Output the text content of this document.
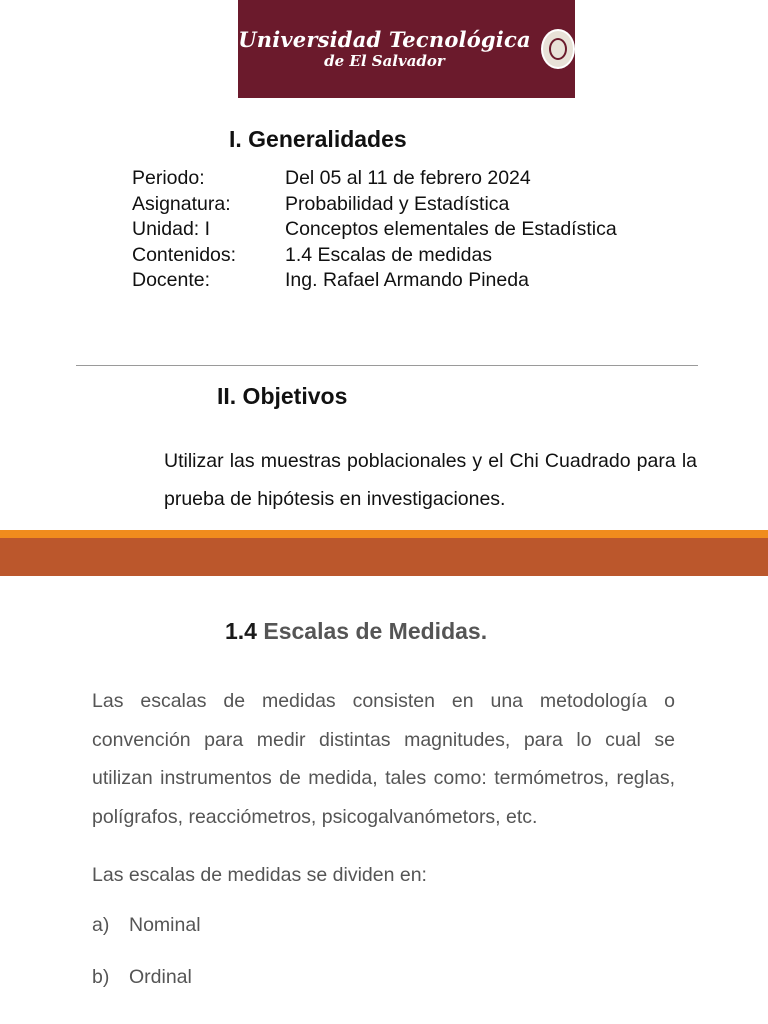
Universidad Tecnológica
de El Salvador
I. Generalidades
Periodo:	Del 05 al 11 de febrero 2024
Asignatura:	Probabilidad y Estadística
Unidad: I	Conceptos elementales de Estadística
Contenidos:	1.4 Escalas de medidas
Docente:	Ing. Rafael Armando Pineda
II. Objetivos

Utilizar las muestras poblacionales y el Chi Cuadrado para la prueba de hipótesis en investigaciones.

1.4 Escalas de Medidas.

Las escalas de medidas consisten en una metodología o convención para medir distintas magnitudes, para lo cual se utilizan instrumentos de medida, tales como: termómetros, reglas, polígrafos, reacciómetros, psicogalvanómetors, etc.

Las escalas de medidas se dividen en:
a) Nominal
b) Ordinal
